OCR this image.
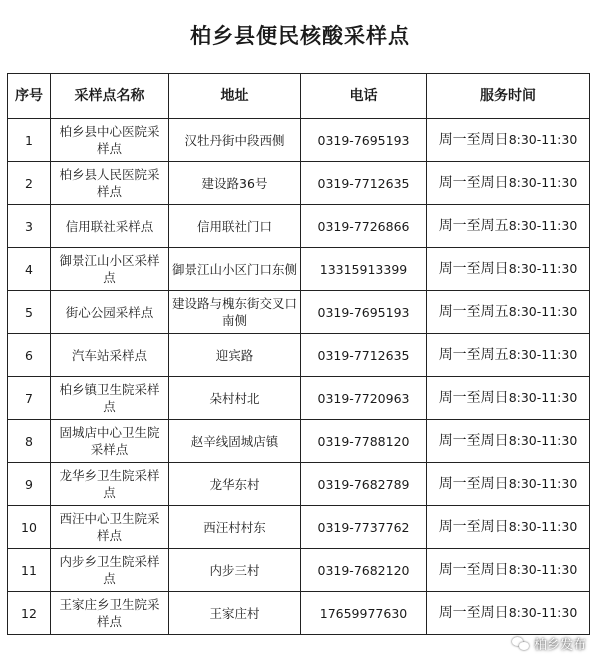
柏乡县便民核酸采样点
序号	采样点名称	地址	电话	服务时间
1	柏乡县中心医院采样点	汉牡丹街中段西侧	0319-7695193	周一至周日8:30-11:30
2	柏乡县人民医院采样点	建设路36号	0319-7712635	周一至周日8:30-11:30
3	信用联社采样点	信用联社门口	0319-7726866	周一至周五8:30-11:30
4	御景江山小区采样点	御景江山小区门口东侧	13315913399	周一至周日8:30-11:30
5	街心公园采样点	建设路与槐东街交叉口南侧	0319-7695193	周一至周五8:30-11:30
6	汽车站采样点	迎宾路	0319-7712635	周一至周五8:30-11:30
7	柏乡镇卫生院采样点	朵村村北	0319-7720963	周一至周日8:30-11:30
8	固城店中心卫生院采样点	赵辛线固城店镇	0319-7788120	周一至周日8:30-11:30
9	龙华乡卫生院采样点	龙华东村	0319-7682789	周一至周日8:30-11:30
10	西汪中心卫生院采样点	西汪村村东	0319-7737762	周一至周日8:30-11:30
11	内步乡卫生院采样点	内步三村	0319-7682120	周一至周日8:30-11:30
12	王家庄乡卫生院采样点	王家庄村	17659977630	周一至周日8:30-11:30
柏乡发布
